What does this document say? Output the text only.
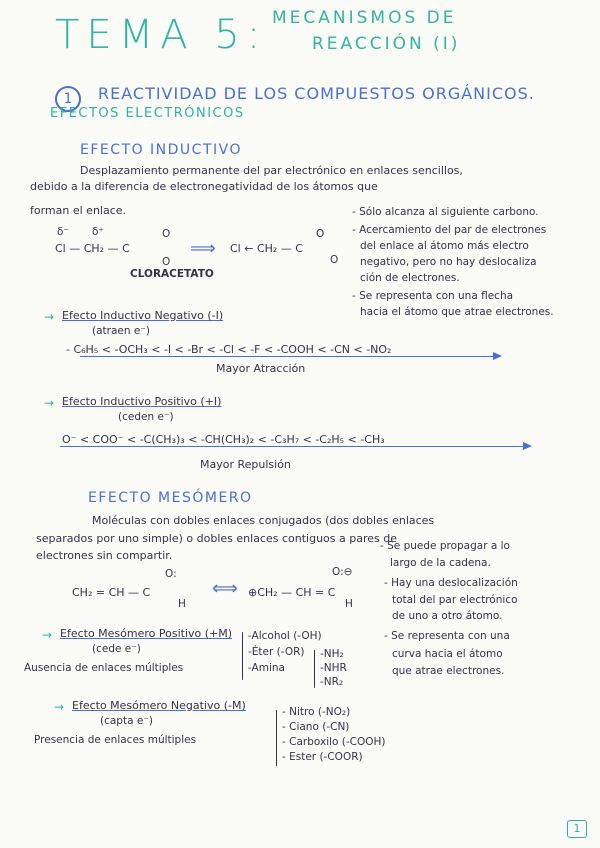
TEMA 5: MECANISMOS DE
REACCIÓN (I)
1	REACTIVIDAD DE LOS COMPUESTOS ORGÁNICOS.
EFECTOS ELECTRÓNICOS
EFECTO INDUCTIVO
Desplazamiento permanente del par electrónico en enlaces sencillos,
debido a la diferencia de electronegatividad de los átomos que
forman el enlace.
δ⁻ δ⁺
Cl — CH₂ — C
O
O
⟹ Cl ← CH₂ — C
O
O
CLORACETATO
- Sólo alcanza al siguiente carbono.
- Acercamiento del par de electrones
del enlace al átomo más electro
negativo, pero no hay deslocaliza
ción de electrones.
- Se representa con una flecha
hacia el átomo que atrae electrones.
→ Efecto Inductivo Negativo (-I)
(atraen e⁻)
- C₆H₅ < -OCH₃ < -I < -Br < -Cl < -F < -COOH < -CN < -NO₂
Mayor Atracción
→ Efecto Inductivo Positivo (+I)
(ceden e⁻)
O⁻ < COO⁻ < -C(CH₃)₃ < -CH(CH₃)₂ < -C₃H₇ < -C₂H₅ < -CH₃
Mayor Repulsión
EFECTO MESÓMERO
Moléculas con dobles enlaces conjugados (dos dobles enlaces
separados por uno simple) o dobles enlaces contiguos a pares de
electrones sin compartir.
CH₂ = CH — C
O:
H
⟺ ⊕CH₂ — CH = C
O:⊖
H
- Se puede propagar a lo
largo de la cadena.
- Hay una deslocalización
total del par electrónico
de uno a otro átomo.
- Se representa con una
curva hacia el átomo
que atrae electrones.
→ Efecto Mesómero Positivo (+M)
(cede e⁻)
Ausencia de enlaces múltiples
-Alcohol (-OH)
-Éter (-OR)
-Amina
-NH₂
-NHR
-NR₂
→ Efecto Mesómero Negativo (-M)
(capta e⁻)
Presencia de enlaces múltiples
- Nitro (-NO₂)
- Ciano (-CN)
- Carboxilo (-COOH)
- Ester (-COOR)
1
